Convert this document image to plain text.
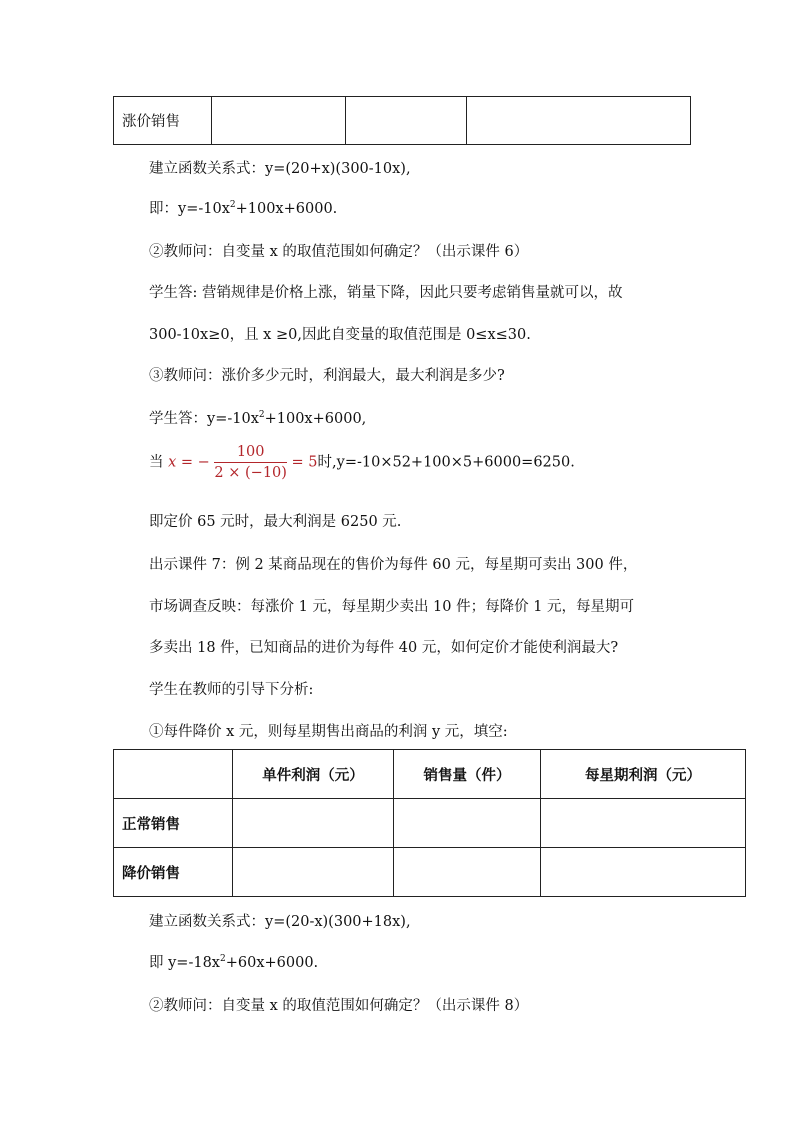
涨价销售			
建立函数关系式：y=(20+x)(300-10x),
即：$y=-10x^2+100x+6000$.
②教师问：自变量 x 的取值范围如何确定？（出示课件 6）
学生答: 营销规律是价格上涨，销量下降，因此只要考虑销售量就可以，故
300-10x≥0，且 x ≥0,因此自变量的取值范围是 0≤x≤30.
③教师问：涨价多少元时，利润最大，最大利润是多少?
学生答：$y=-10x^2+100x+6000$,
当 x = − $\frac{100}{2 \times (-10)} = 5$时,y=-10×52+100×5+6000=6250.
即定价 65 元时，最大利润是 6250 元.
出示课件 7：例 2 某商品现在的售价为每件 60 元，每星期可卖出 300 件，
市场调查反映：每涨价 1 元，每星期少卖出 10 件；每降价 1 元，每星期可
多卖出 18 件，已知商品的进价为每件 40 元，如何定价才能使利润最大?
学生在教师的引导下分析:
①每件降价 x 元，则每星期售出商品的利润 y 元，填空:
	单件利润（元）	销售量（件）	每星期利润（元）
正常销售			
降价销售			
建立函数关系式：y=(20-x)(300+18x),
即 $y=-18x^2+60x+6000$.
②教师问：自变量 x 的取值范围如何确定？（出示课件 8）
